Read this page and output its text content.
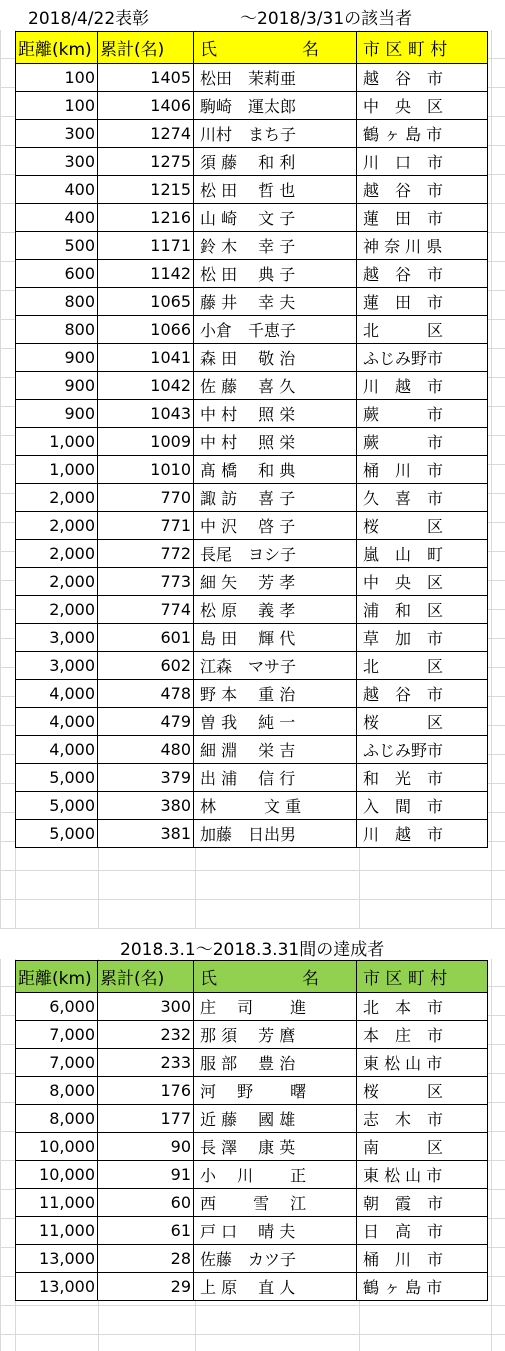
2018/4/22表彰	～2018/3/31の該当者
距離(km)	累計(名)	氏　　　　　名	市 区 町 村
100	1405	松田　茉莉亜	越　谷　市
100	1406	駒崎　運太郎	中　央　区
300	1274	川村　まち子	鶴 ヶ 島 市
300	1275	須 藤　 和 利	川　口　市
400	1215	松 田　 哲 也	越　谷　市
400	1216	山 崎　 文 子	蓮　田　市
500	1171	鈴 木　 幸 子	神 奈 川 県
600	1142	松 田　 典 子	越　谷　市
800	1065	藤 井　 幸 夫	蓮　田　市
800	1066	小倉　千恵子	北　　　区
900	1041	森 田　 敬 治	ふじみ野市
900	1042	佐 藤　 喜 久	川　越　市
900	1043	中 村　 照 栄	蕨　　　市
1,000	1009	中 村　 照 栄	蕨　　　市
1,000	1010	髙 橋　 和 典	桶　川　市
2,000	770	諏 訪　 喜 子	久　喜　市
2,000	771	中 沢　 啓 子	桜　　　区
2,000	772	長尾　ヨシ子	嵐　山　町
2,000	773	細 矢　 芳 孝	中　央　区
2,000	774	松 原　 義 孝	浦　和　区
3,000	601	島 田　 輝 代	草　加　市
3,000	602	江森　マサ子	北　　　区
4,000	478	野 本　 重 治	越　谷　市
4,000	479	曽 我　 純 一	桜　　　区
4,000	480	細 淵　 栄 吉	ふじみ野市
5,000	379	出 浦　 信 行	和　光　市
5,000	380	林　　　文 重	入　間　市
5,000	381	加藤　日出男	川　越　市
2018.3.1～2018.3.31間の達成者
距離(km)	累計(名)	氏　　　　　名	市 区 町 村
6,000	300	庄　 司　　 進	北　本　市
7,000	232	那 須　 芳 麿	本　庄　市
7,000	233	服 部　 豊 治	東 松 山 市
8,000	176	河　 野　　 曙	桜　　　区
8,000	177	近 藤　 國 雄	志　木　市
10,000	90	長 澤　 康 英	南　　　区
10,000	91	小　 川　　 正	東 松 山 市
11,000	60	西　　 雪　 江	朝　霞　市
11,000	61	戸 口　 晴 夫	日　高　市
13,000	28	佐藤　カツ子	桶　川　市
13,000	29	上 原　 直 人	鶴 ヶ 島 市
